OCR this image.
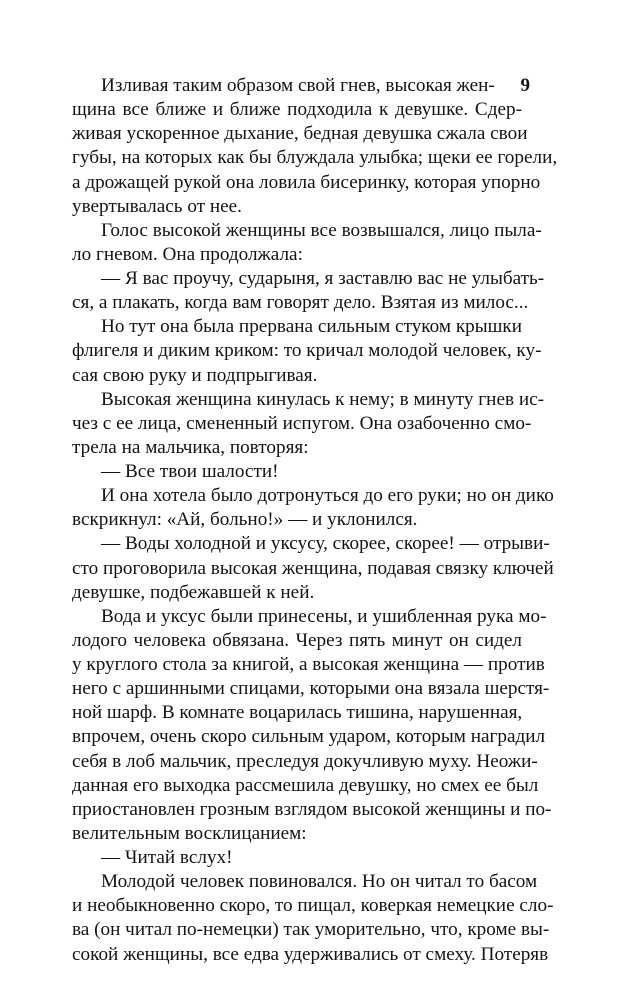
9
Изливая таким образом свой гнев, высокая жен-
щина все ближе и ближе подходила к девушке. Сдер-
живая ускоренное дыхание, бедная девушка сжала свои
губы, на которых как бы блуждала улыбка; щеки ее горели,
а дрожащей рукой она ловила бисеринку, которая упорно
увертывалась от нее.
Голос высокой женщины все возвышался, лицо пыла-
ло гневом. Она продолжала:
— Я вас проучу, сударыня, я заставлю вас не улыбать-
ся, а плакать, когда вам говорят дело. Взятая из милос...
Но тут она была прервана сильным стуком крышки
флигеля и диким криком: то кричал молодой человек, ку-
сая свою руку и подпрыгивая.
Высокая женщина кинулась к нему; в минуту гнев ис-
чез с ее лица, смененный испугом. Она озабоченно смо-
трела на мальчика, повторяя:
— Все твои шалости!
И она хотела было дотронуться до его руки; но он дико
вскрикнул: «Ай, больно!» — и уклонился.
— Воды холодной и уксусу, скорее, скорее! — отрыви-
сто проговорила высокая женщина, подавая связку ключей
девушке, подбежавшей к ней.
Вода и уксус были принесены, и ушибленная рука мо-
лодого человека обвязана. Через пять минут он сидел
у круглого стола за книгой, а высокая женщина — против
него с аршинными спицами, которыми она вязала шерстя-
ной шарф. В комнате воцарилась тишина, нарушенная,
впрочем, очень скоро сильным ударом, которым наградил
себя в лоб мальчик, преследуя докучливую муху. Неожи-
данная его выходка рассмешила девушку, но смех ее был
приостановлен грозным взглядом высокой женщины и по-
велительным восклицанием:
— Читай вслух!
Молодой человек повиновался. Но он читал то басом
и необыкновенно скоро, то пищал, коверкая немецкие сло-
ва (он читал по-немецки) так уморительно, что, кроме вы-
сокой женщины, все едва удерживались от смеху. Потеряв
